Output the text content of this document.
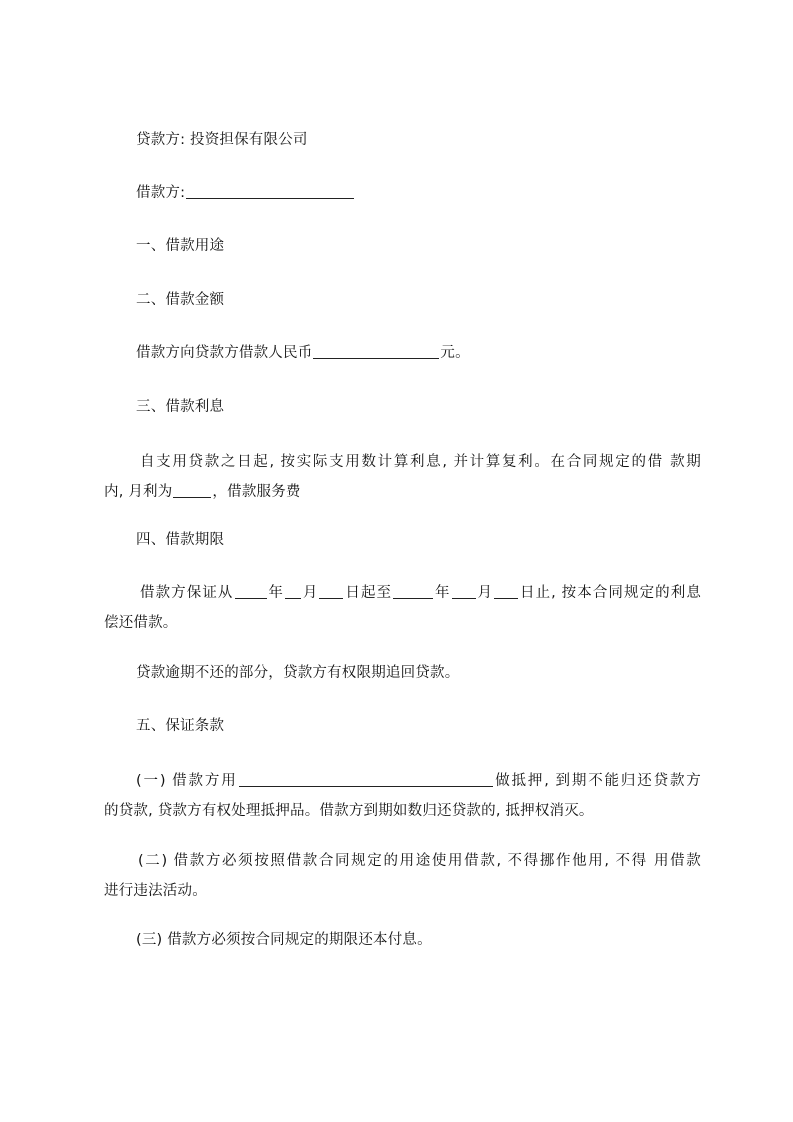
贷款方: 投资担保有限公司
借款方:
一、借款用途
二、借款金额
借款方向贷款方借款人民币	元。
三、借款利息
自支用贷款之日起, 按实际支用数计算利息, 并计算复利。在合同规定的借 款期
内, 月利为	，借款服务费
四、借款期限
借款方保证从 年 月 日起至	年 月 日止, 按本合同规定的利息
偿还借款。
贷款逾期不还的部分，贷款方有权限期追回贷款。
五、保证条款
(一) 借款方用	做抵押, 到期不能归还贷款方
的贷款, 贷款方有权处理抵押品。借款方到期如数归还贷款的, 抵押权消灭。
(二) 借款方必须按照借款合同规定的用途使用借款, 不得挪作他用, 不得 用借款
进行违法活动。
(三) 借款方必须按合同规定的期限还本付息。
